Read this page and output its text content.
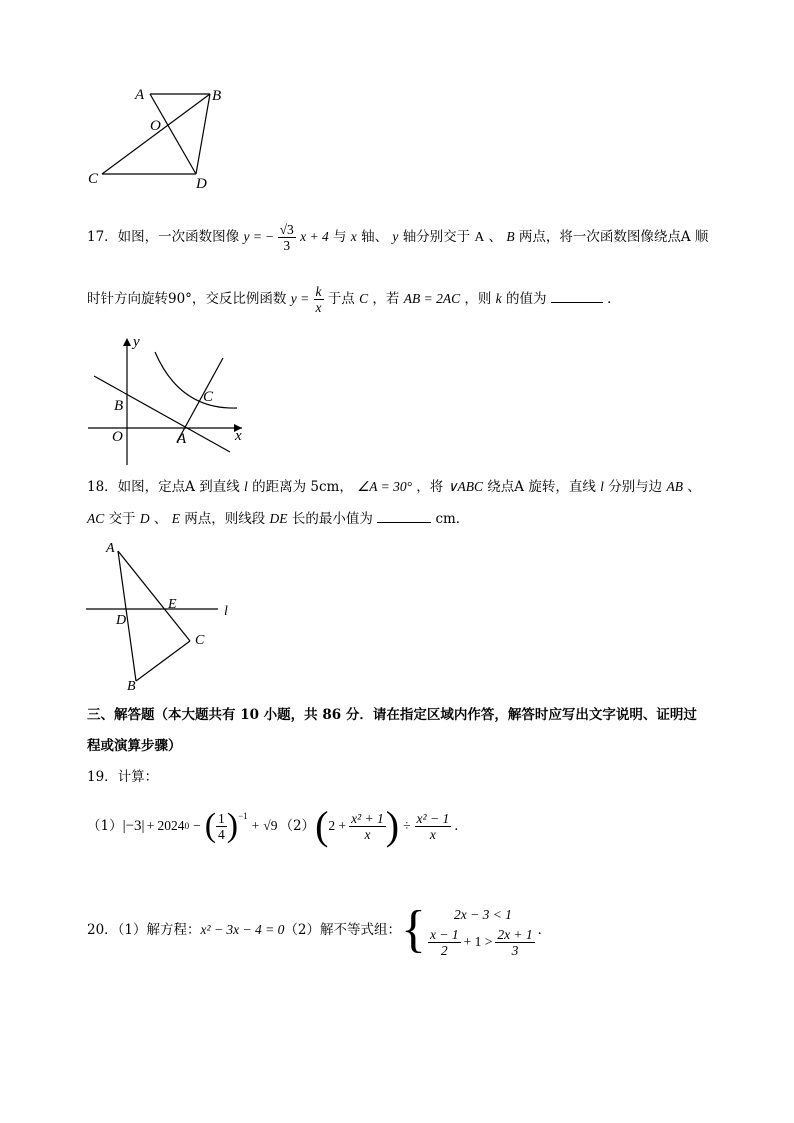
A	B
O
C	D
17．如图，一次函数图像 y = − $\frac{√3}{3}$ x + 4 与 x 轴、 y 轴分别交于 A 、 B 两点，将一次函数图像绕点A 顺
时针方向旋转90°，交反比例函数 $y = \frac{k}{x}$ 于点 C ，若 AB = 2AC ，则 k 的值为	．
y
B
C
O	A	x
18．如图，定点A 到直线 l 的距离为 5cm， ∠A = 30° ，将 ∨ABC 绕点A 旋转，直线 l 分别与边 AB 、
AC 交于 D 、 E 两点，则线段 DE 长的最小值为	cm．
A
D
E	l
C
B
三、解答题（本大题共有 10 小题，共 86 分．请在指定区域内作答，解答时应写出文字说明、证明过
程或演算步骤）
19．计算：
（1） |−3| + 2024 0 − ( $\frac{1}{4} )^{-1}$
+ √9 （2） ( $2 + \frac{\text{x² + 1}}{x}$ ) ÷ $\frac{\text{x² − 1}}{x}$ ．
20．（1）解方程： x² − 3x − 4 = 0 （2）解不等式组： { 2x − 3 < 1
$\frac{x - 1}{2} + 1 > \frac{2x + 1}{3}$ ．
